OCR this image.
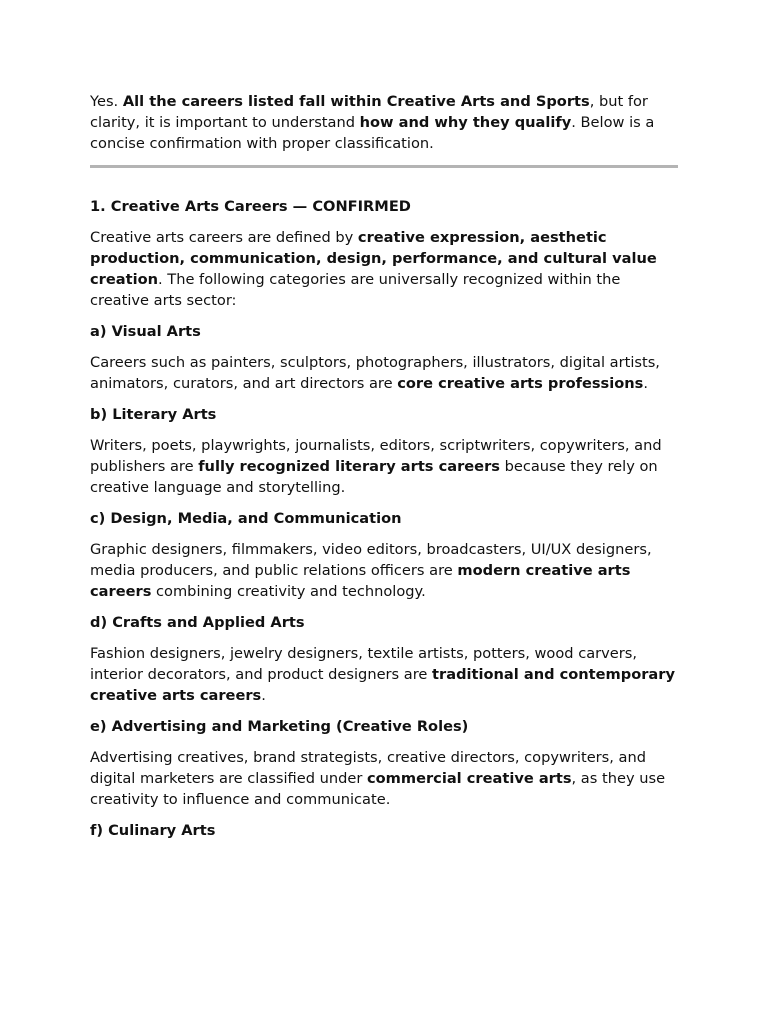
Yes. All the careers listed fall within Creative Arts and Sports, but for clarity, it is important to understand how and why they qualify. Below is a concise confirmation with proper classification.

1. Creative Arts Careers — CONFIRMED

Creative arts careers are defined by creative expression, aesthetic production, communication, design, performance, and cultural value creation. The following categories are universally recognized within the creative arts sector:

a) Visual Arts

Careers such as painters, sculptors, photographers, illustrators, digital artists, animators, curators, and art directors are core creative arts professions.

b) Literary Arts

Writers, poets, playwrights, journalists, editors, scriptwriters, copywriters, and publishers are fully recognized literary arts careers because they rely on creative language and storytelling.

c) Design, Media, and Communication

Graphic designers, filmmakers, video editors, broadcasters, UI/UX designers, media producers, and public relations officers are modern creative arts careers combining creativity and technology.

d) Crafts and Applied Arts

Fashion designers, jewelry designers, textile artists, potters, wood carvers, interior decorators, and product designers are traditional and contemporary creative arts careers.

e) Advertising and Marketing (Creative Roles)

Advertising creatives, brand strategists, creative directors, copywriters, and digital marketers are classified under commercial creative arts, as they use creativity to influence and communicate.

f) Culinary Arts
